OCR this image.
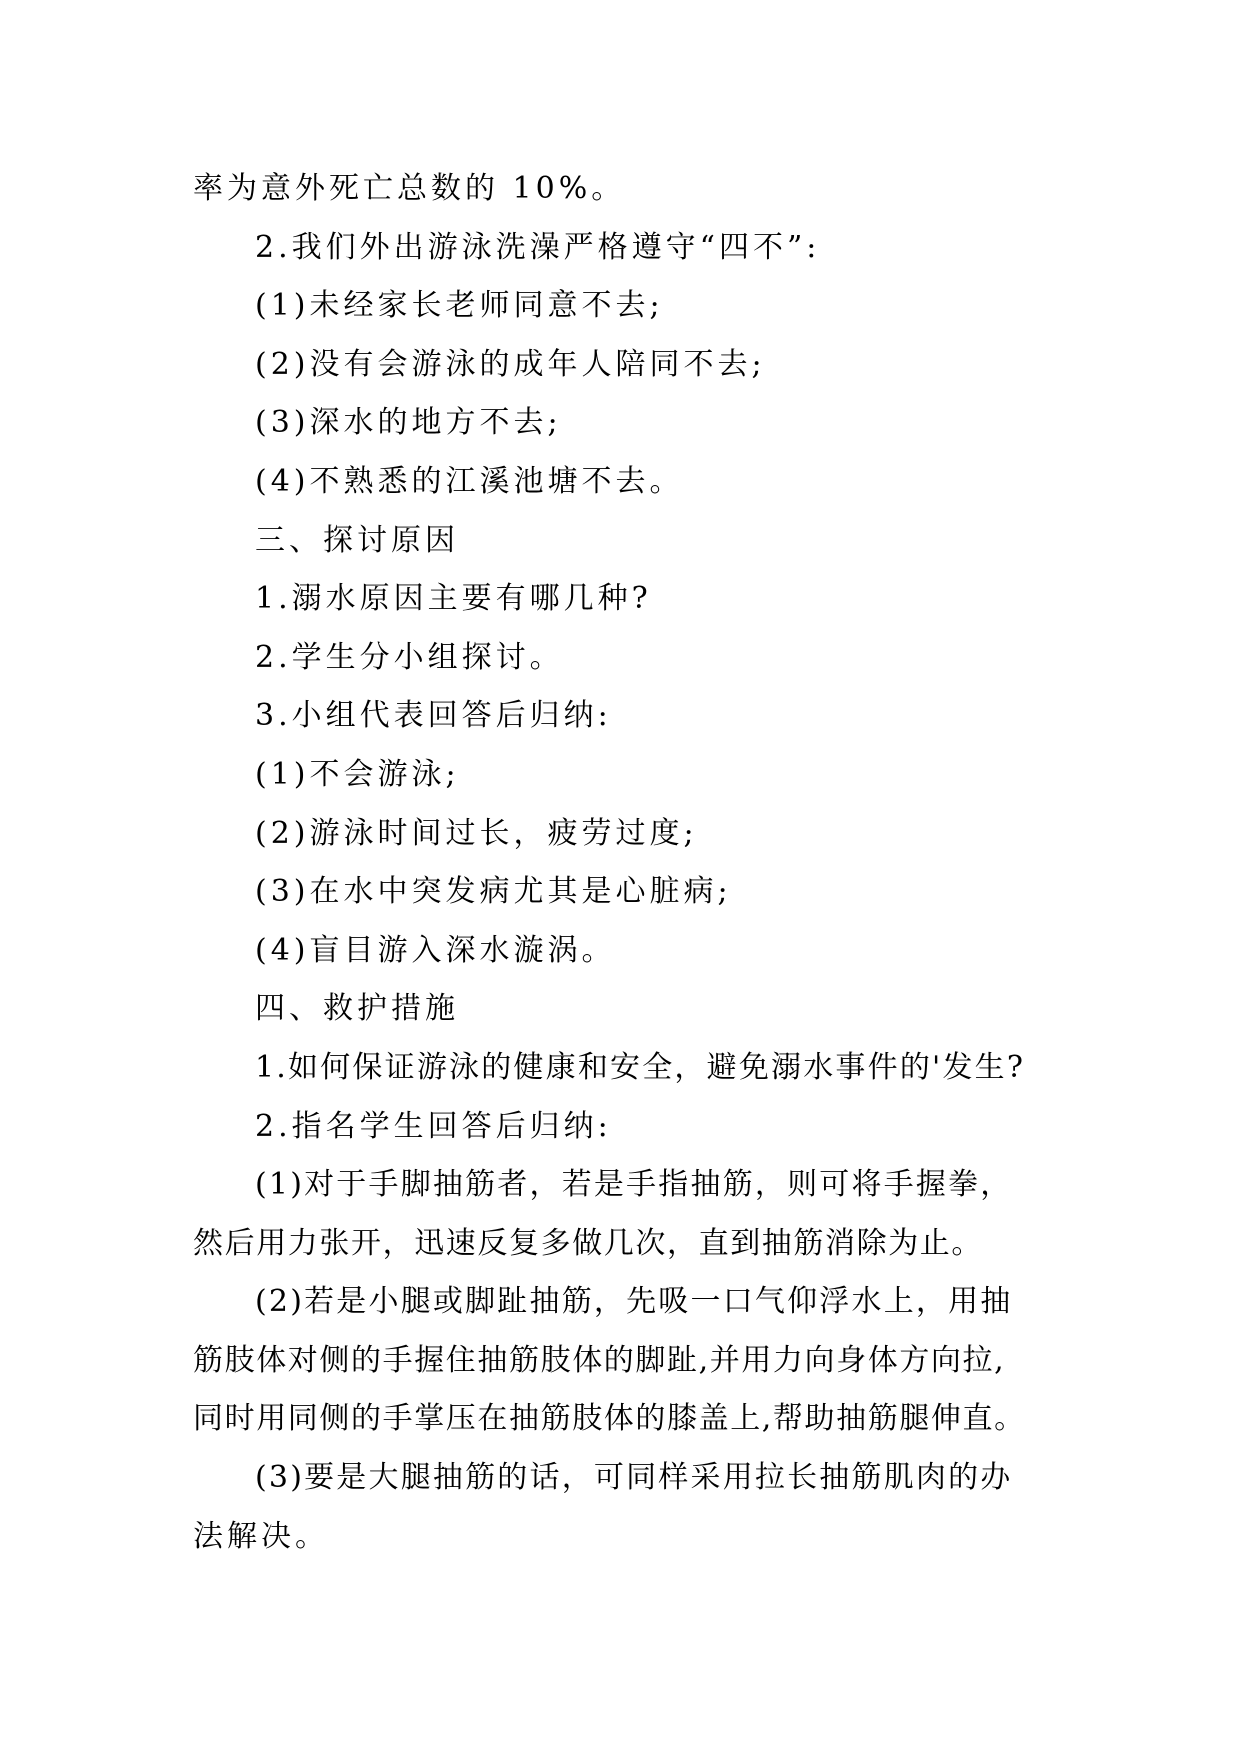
率为意外死亡总数的 10%。

2.我们外出游泳洗澡严格遵守“四不”:

(1)未经家长老师同意不去;

(2)没有会游泳的成年人陪同不去;

(3)深水的地方不去;

(4)不熟悉的江溪池塘不去。

三、探讨原因

1.溺水原因主要有哪几种?

2.学生分小组探讨。

3.小组代表回答后归纳:

(1)不会游泳;

(2)游泳时间过长，疲劳过度;

(3)在水中突发病尤其是心脏病;

(4)盲目游入深水漩涡。

四、救护措施

1.如何保证游泳的健康和安全，避免溺水事件的'发生?

2.指名学生回答后归纳:

(1)对于手脚抽筋者，若是手指抽筋，则可将手握拳，

然后用力张开，迅速反复多做几次，直到抽筋消除为止。

(2)若是小腿或脚趾抽筋，先吸一口气仰浮水上，用抽

筋肢体对侧的手握住抽筋肢体的脚趾,并用力向身体方向拉,

同时用同侧的手掌压在抽筋肢体的膝盖上,帮助抽筋腿伸直。

(3)要是大腿抽筋的话，可同样采用拉长抽筋肌肉的办

法解决。
